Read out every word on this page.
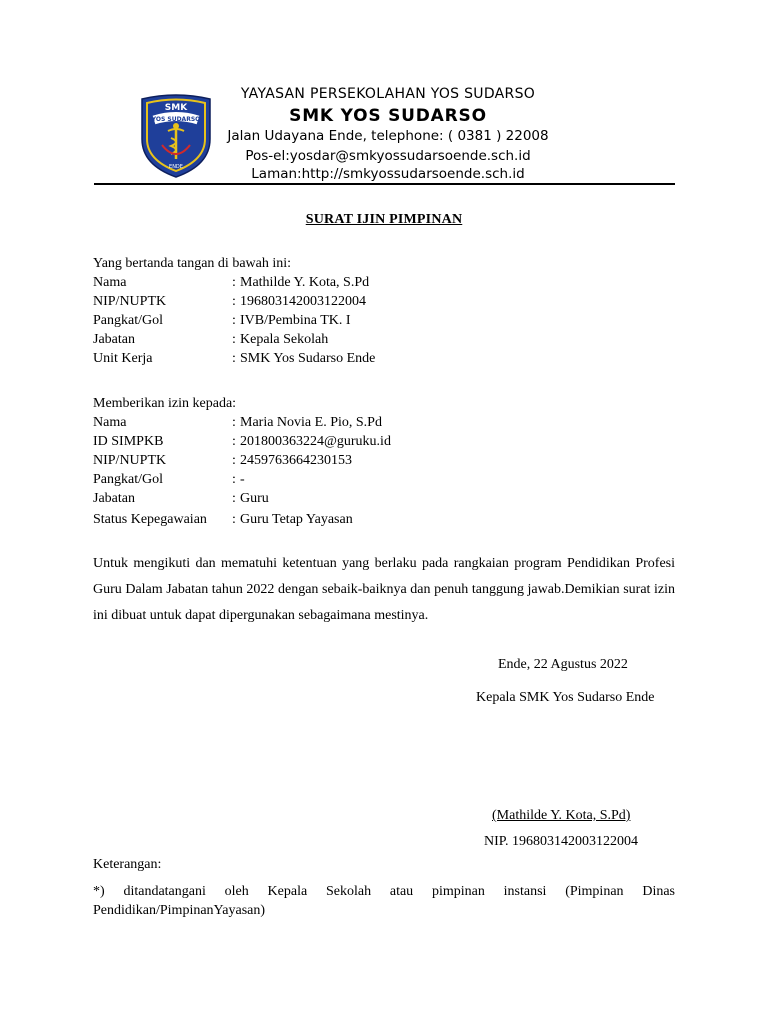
SMK
YOS SUDARSO
ENDE
YAYASAN PERSEKOLAHAN YOS SUDARSO
SMK YOS SUDARSO
Jalan Udayana Ende, telephone: ( 0381 ) 22008
Pos-el:yosdar@smkyossudarsoende.sch.id
Laman:http://smkyossudarsoende.sch.id
SURAT IJIN PIMPINAN
Yang bertanda tangan di bawah ini:
Nama	: Mathilde Y. Kota, S.Pd
NIP/NUPTK	: 196803142003122004
Pangkat/Gol	: IVB/Pembina TK. I
Jabatan	: Kepala Sekolah
Unit Kerja	: SMK Yos Sudarso Ende
Memberikan izin kepada:
Nama	: Maria Novia E. Pio, S.Pd
ID SIMPKB	: 201800363224@guruku.id
NIP/NUPTK	: 2459763664230153
Pangkat/Gol	: -
Jabatan	: Guru
Status Kepegawaian : Guru Tetap Yayasan
Untuk mengikuti dan mematuhi ketentuan yang berlaku pada rangkaian program Pendidikan Profesi Guru Dalam Jabatan tahun 2022 dengan sebaik-baiknya dan penuh tanggung jawab.Demikian surat izin ini dibuat untuk dapat dipergunakan sebagaimana mestinya.
Ende, 22 Agustus 2022
Kepala SMK Yos Sudarso Ende
(Mathilde Y. Kota, S.Pd)
NIP. 196803142003122004
Keterangan:
*) ditandatangani oleh Kepala Sekolah atau pimpinan instansi (Pimpinan Dinas Pendidikan/PimpinanYayasan)
